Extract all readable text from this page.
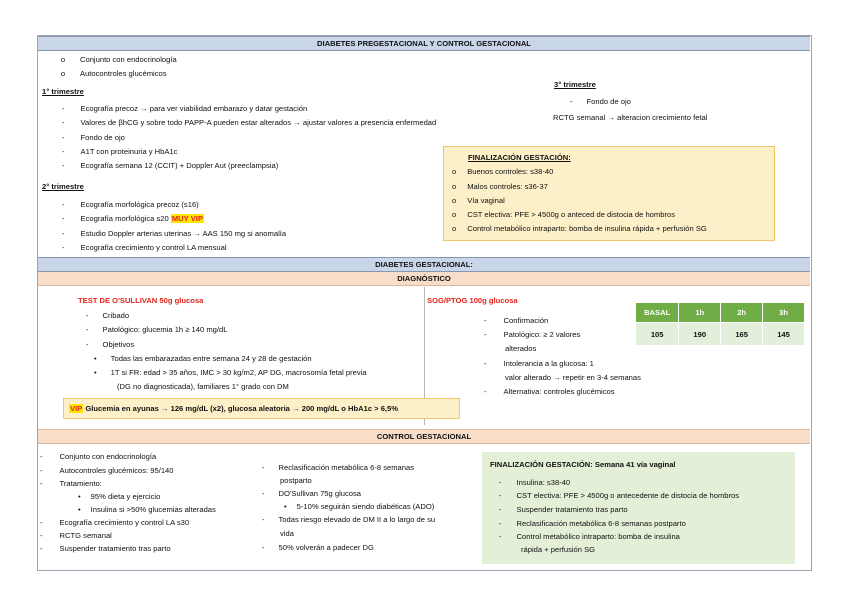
DIABETES PREGESTACIONAL Y CONTROL GESTACIONAL
o	Conjunto con endocrinología
o	Autocontroles glucémicos
1° trimestre
- Ecografía precoz → para ver viabilidad embarazo y datar gestación
- Valores de βhCG y sobre todo PAPP-A pueden estar alterados → ajustar valores a presencia enfermedad
- Fondo de ojo
- A1T con proteinuria y HbA1c
- Ecografía semana 12 (CCIT) + Doppler Aut (preeclampsia)
2° trimestre
- Ecografía morfológica precoz (s16)
- Ecografía morfológica s20 MUY VIP
- Estudio Doppler arterias uterinas → AAS 150 mg si anomalía
- Ecografía crecimiento y control LA mensual
3° trimestre
- Fondo de ojo
RCTG semanal → alteracion crecimiento fetal
FINALIZACIÓN GESTACIÓN:
o Buenos controles: s38-40
o Malos controles: s36-37
o Vía vaginal
o CST electiva: PFE > 4500g o anteced de distocia de hombros
o Control metabólico intraparto: bomba de insulina rápida + perfusión SG
DIABETES GESTACIONAL:
DIAGNÓSTICO
TEST DE O'SULLIVAN 50g glucosa
- Cribado
- Patológico: glucemia 1h ≥ 140 mg/dL
- Objetivos
• Todas las embarazadas entre semana 24 y 28 de gestación
• 1T si FR: edad > 35 años, IMC > 30 kg/m2, AP DG, macrosomía fetal previa
(DG no diagnosticada), familiares 1° grado con DM
VIP Glucemia en ayunas → 126 mg/dL (x2), glucosa aleatoria → 200 mg/dL o HbA1c > 6,5%
SOG/PTOG 100g glucosa
- Confirmación
- Patológico: ≥ 2 valores
alterados
- Intolerancia a la glucosa: 1
valor alterado → repetir en 3-4 semanas
- Alternativa: controles glucémicos
BASAL	1h	2h	3h
105	190	165	145
CONTROL GESTACIONAL
- Conjunto con endocrinología
- Autocontroles glucémicos: 95/140
- Tratamiento:
• 95% dieta y ejercicio
• Insulina si >50% glucemias alteradas
- Ecografía crecimiento y control LA s30
- RCTG semanal
- Suspender tratamiento tras parto
- Reclasificación metabólica 6-8 semanas
postparto
- DO'Sullivan 75g glucosa
• 5-10% seguirán siendo diabéticas (ADO)
- Todas riesgo elevado de DM II a lo largo de su
vida
- 50% volverán a padecer DG
FINALIZACIÓN GESTACIÓN: Semana 41 vía vaginal
- Insulina: s38-40
- CST electiva: PFE > 4500g o antecedente de distocia de hombros
- Suspender tratamiento tras parto
- Reclasificación metabólica 6-8 semanas postparto
- Control metabólico intraparto: bomba de insulina
rápida + perfusión SG
